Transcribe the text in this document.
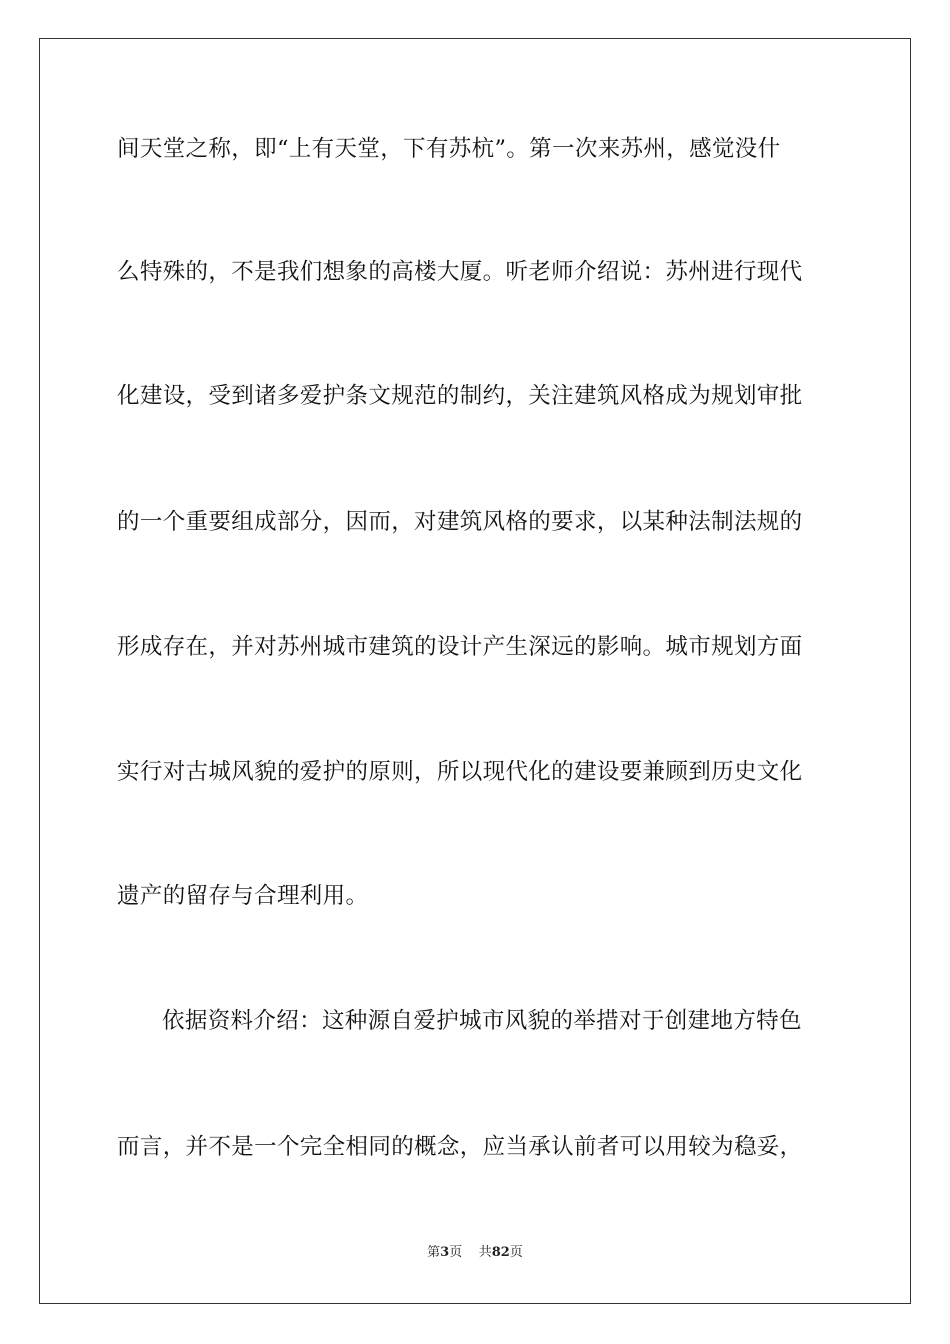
间天堂之称，即“上有天堂，下有苏杭”。第一次来苏州，感觉没什
么特殊的，不是我们想象的高楼大厦。听老师介绍说：苏州进行现代
化建设，受到诸多爱护条文规范的制约，关注建筑风格成为规划审批
的一个重要组成部分，因而，对建筑风格的要求，以某种法制法规的
形成存在，并对苏州城市建筑的设计产生深远的影响。城市规划方面
实行对古城风貌的爱护的原则，所以现代化的建设要兼顾到历史文化
遗产的留存与合理利用。
依据资料介绍：这种源自爱护城市风貌的举措对于创建地方特色
而言，并不是一个完全相同的概念，应当承认前者可以用较为稳妥，
第3页 共82页
